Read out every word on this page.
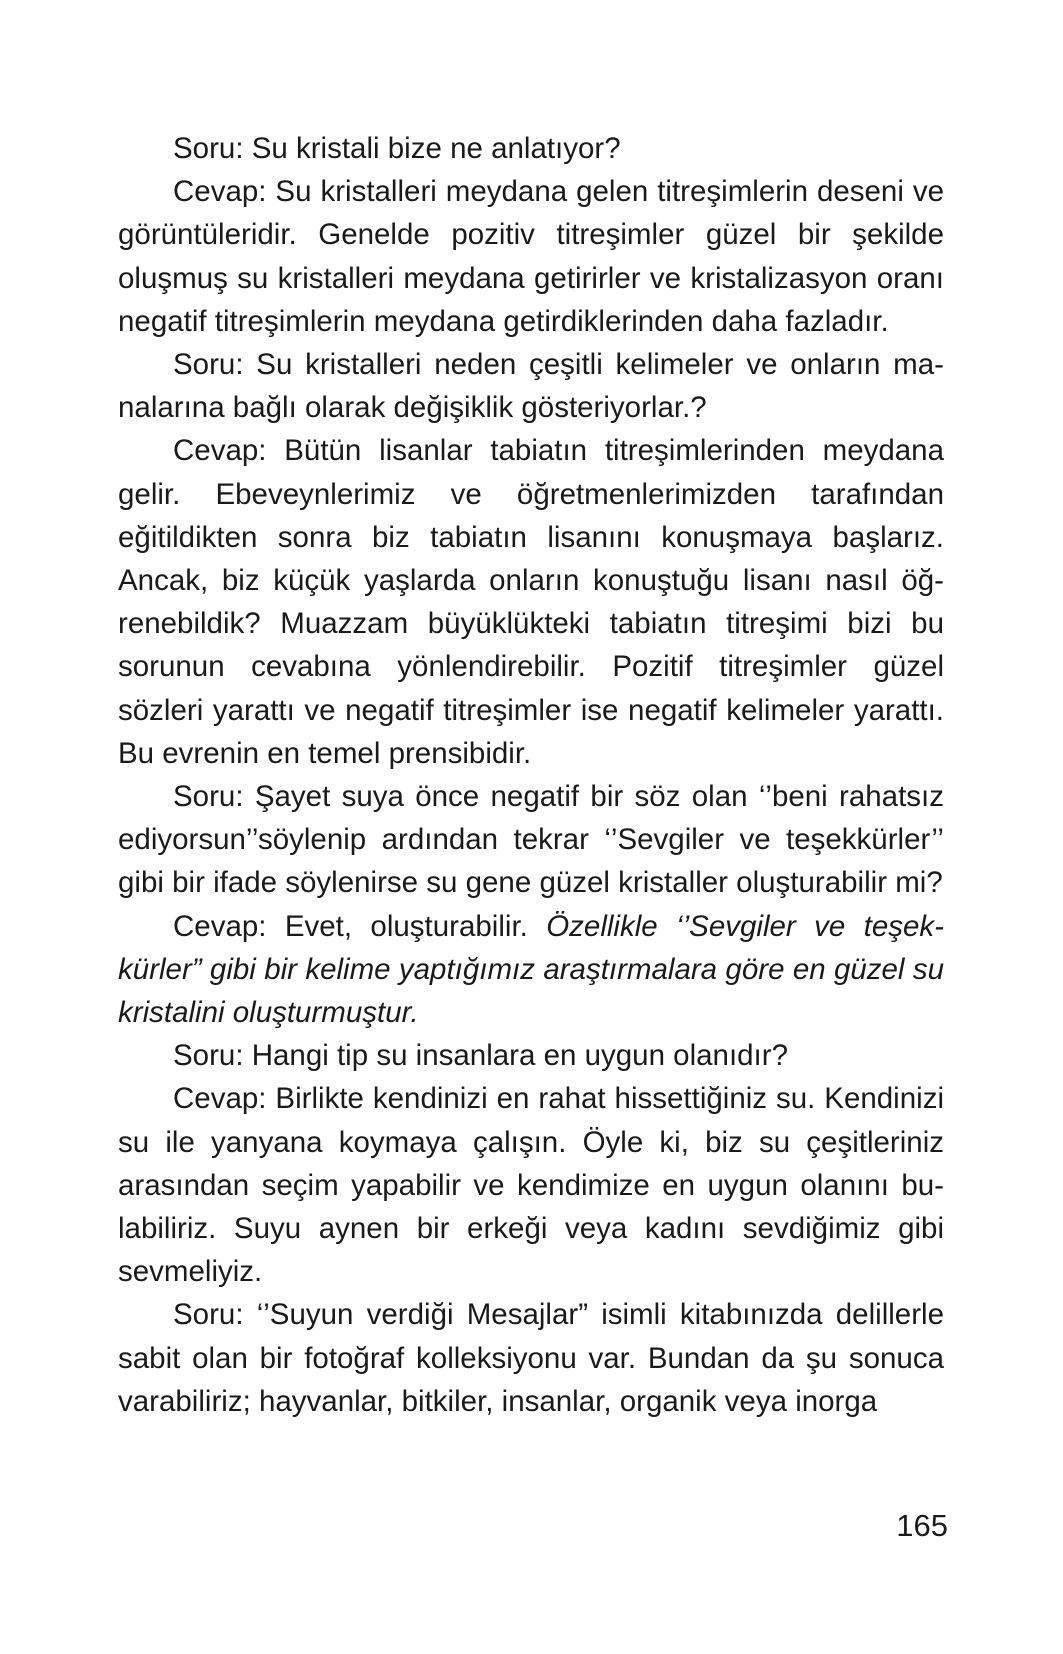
Soru: Su kristali bize ne anlatıyor?

Cevap: Su kristalleri meydana gelen titreşimlerin deseni ve görüntüleridir. Genelde pozitiv titreşimler güzel bir şekilde oluşmuş su kristalleri meydana getirirler ve kristalizasyon oranı negatif titreşimlerin meydana getirdiklerinden daha fazladır.

Soru: Su kristalleri neden çeşitli kelimeler ve onların manalarına bağlı olarak değişiklik gösteriyorlar.?

Cevap: Bütün lisanlar tabiatın titreşimlerinden meydana gelir. Ebeveynlerimiz ve öğretmenlerimizden tarafından eğitildikten sonra biz tabiatın lisanını konuşmaya başlarız. Ancak, biz küçük yaşlarda onların konuştuğu lisanı nasıl öğrenebildik? Muazzam büyüklükteki tabiatın titreşimi bizi bu sorunun cevabına yönlendirebilir. Pozitif titreşimler güzel sözleri yarattı ve negatif titreşimler ise negatif kelimeler yarattı. Bu evrenin en temel prensibidir.

Soru: Şayet suya önce negatif bir söz olan ‘’beni rahatsız ediyorsun’’söylenip ardından tekrar ‘’Sevgiler ve teşekkürler’’ gibi bir ifade söylenirse su gene güzel kristaller oluşturabilir mi?

Cevap: Evet, oluşturabilir. Özellikle ‘’Sevgiler ve teşekkürler” gibi bir kelime yaptığımız araştırmalara göre en güzel su kristalini oluşturmuştur.

Soru: Hangi tip su insanlara en uygun olanıdır?

Cevap: Birlikte kendinizi en rahat hissettiğiniz su. Kendinizi su ile yanyana koymaya çalışın. Öyle ki, biz su çeşitleriniz arasından seçim yapabilir ve kendimize en uygun olanını bulabiliriz. Suyu aynen bir erkeği veya kadını sevdiğimiz gibi sevmeliyiz.

Soru: ‘’Suyun verdiği Mesajlar” isimli kitabınızda delillerle sabit olan bir fotoğraf kolleksiyonu var. Bundan da şu sonuca varabiliriz; hayvanlar, bitkiler, insanlar, organik veya inorga

165
